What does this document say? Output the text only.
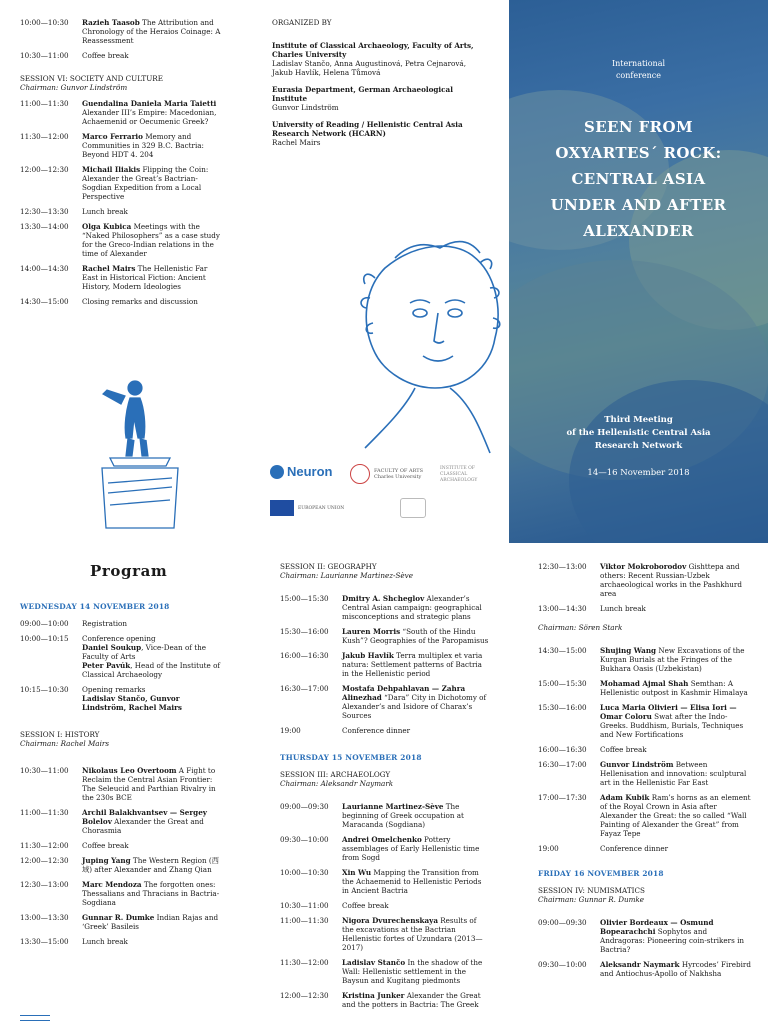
10:00—10:30	Razieh Taasob The Attribution and Chronology of the Heraios Coinage: A Reassessment
10:30—11:00	Coffee break
SESSION VI: SOCIETY AND CULTURE
Chairman: Gunvor Lindström
11:00—11:30	Guendalina Daniela Maria Taietti Alexander III’s Empire: Macedonian, Achaemenid or Oecumenic Greek?
11:30—12:00	Marco Ferrario Memory and Communities in 329 B.C. Bactria: Beyond HDT 4. 204
12:00—12:30	Michail Iliakis Flipping the Coin: Alexander the Great’s Bactrian-Sogdian Expedition from a Local Perspective
12:30—13:30	Lunch break
13:30—14:00	Olga Kubica Meetings with the “Naked Philosophers” as a case study for the Greco-Indian relations in the time of Alexander
14:00—14:30	Rachel Mairs The Hellenistic Far East in Historical Fiction: Ancient History, Modern Ideologies
14:30—15:00	Closing remarks and discussion

ORGANIZED BY

Institute of Classical Archaeology, Faculty of Arts, Charles University
Ladislav Stančo, Anna Augustinová, Petra Cejnarová, Jakub Havlík, Helena Tůmová

Eurasia Department, German Archaeological Institute
Gunvor Lindström

University of Reading / Hellenistic Central Asia Research Network (HCARN)
Rachel Mairs

International
conference
SEEN FROM
OXYARTES´ ROCK:
CENTRAL ASIA
UNDER AND AFTER
ALEXANDER
Third Meeting
of the Hellenistic Central Asia
Research Network
14—16 November 2018
Neuron	FACULTY OF ARTS
Charles University
INSTITUTE OF CLASSICAL ARCHAEOLOGY
EUROPEAN UNION
Program
WEDNESDAY 14 NOVEMBER 2018
09:00—10:00	Registration
10:00—10:15	Conference opening
Daniel Soukup, Vice-Dean of the Faculty of Arts
Peter Pavúk, Head of the Institute of Classical Archaeology
10:15—10:30	Opening remarks
Ladislav Stančo, Gunvor Lindström, Rachel Mairs
SESSION I: HISTORY
Chairman: Rachel Mairs
10:30—11:00	Nikolaus Leo Overtoom A Fight to Reclaim the Central Asian Frontier: The Seleucid and Parthian Rivalry in the 230s BCE
11:00—11:30	Archil Balakhvantsev — Sergey Bolelov Alexander the Great and Chorasmia
11:30—12:00	Coffee break
12:00—12:30	Juping Yang The Western Region (西域) after Alexander and Zhang Qian
12:30—13:00	Marc Mendoza The forgotten ones: Thessalians and Thracians in Bactria-Sogdiana
13:00—13:30	Gunnar R. Dumke Indian Rajas and ‘Greek’ Basileis
13:30—15:00	Lunch break
SESSION II: GEOGRAPHY
Chairman: Laurianne Martinez-Sève
15:00—15:30	Dmitry A. Shcheglov Alexander’s Central Asian campaign: geographical misconceptions and strategic plans
15:30—16:00	Lauren Morris “South of the Hindu Kush”? Geographies of the Paropamisus
16:00—16:30	Jakub Havlík Terra multiplex et varia natura: Settlement patterns of Bactria in the Hellenistic period
16:30—17:00	Mostafa Dehpahlavan — Zahra Alinezhad “Dara” City in Dichotomy of Alexander’s and Isidore of Charax’s Sources
19:00	Conference dinner
THURSDAY 15 NOVEMBER 2018
SESSION III: ARCHAEOLOGY
Chairman: Aleksandr Naymark
09:00—09:30	Laurianne Martinez-Sève The beginning of Greek occupation at Maracanda (Sogdiana)
09:30—10:00	Andrei Omelchenko Pottery assemblages of Early Hellenistic time from Sogd
10:00—10:30	Xin Wu Mapping the Transition from the Achaemenid to Hellenistic Periods in Ancient Bactria
10:30—11:00	Coffee break
11:00—11:30	Nigora Dvurechenskaya Results of the excavations at the Bactrian Hellenistic fortes of Uzundara (2013—2017)
11:30—12:00	Ladislav Stančo In the shadow of the Wall: Hellenistic settlement in the Baysun and Kugitang piedmonts
12:00—12:30	Kristina Junker Alexander the Great and the potters in Bactria: The Greek
12:30—13:00	Viktor Mokroborodov Gishttepa and others: Recent Russian-Uzbek archaeological works in the Pashkhurd area
13:00—14:30	Lunch break
Chairman: Sören Stark
14:30—15:00	Shujing Wang New Excavations of the Kurgan Burials at the Fringes of the Bukhara Oasis (Uzbekistan)
15:00—15:30	Mohamad Ajmal Shah Semthan: A Hellenistic outpost in Kashmir Himalaya
15:30—16:00	Luca Maria Olivieri — Elisa Iori — Omar Coloru Swat after the Indo-Greeks. Buddhism, Burials, Techniques and New Fortifications
16:00—16:30	Coffee break
16:30—17:00	Gunvor Lindström Between Hellenisation and innovation: sculptural art in the Hellenistic Far East
17:00—17:30	Adam Kubik Ram’s horns as an element of the Royal Crown in Asia after Alexander the Great: the so called “Wall Painting of Alexander the Great” from Fayaz Tepe
19:00	Conference dinner
FRIDAY 16 NOVEMBER 2018
SESSION IV: NUMISMATICS
Chairman: Gunnar R. Dumke
09:00—09:30	Olivier Bordeaux — Osmund Bopearachchi Sophytos and Andragoras: Pioneering coin-strikers in Bactria?
09:30—10:00	Aleksandr Naymark Hyrcodes’ Firebird and Antiochus-Apollo of Nakhsha
